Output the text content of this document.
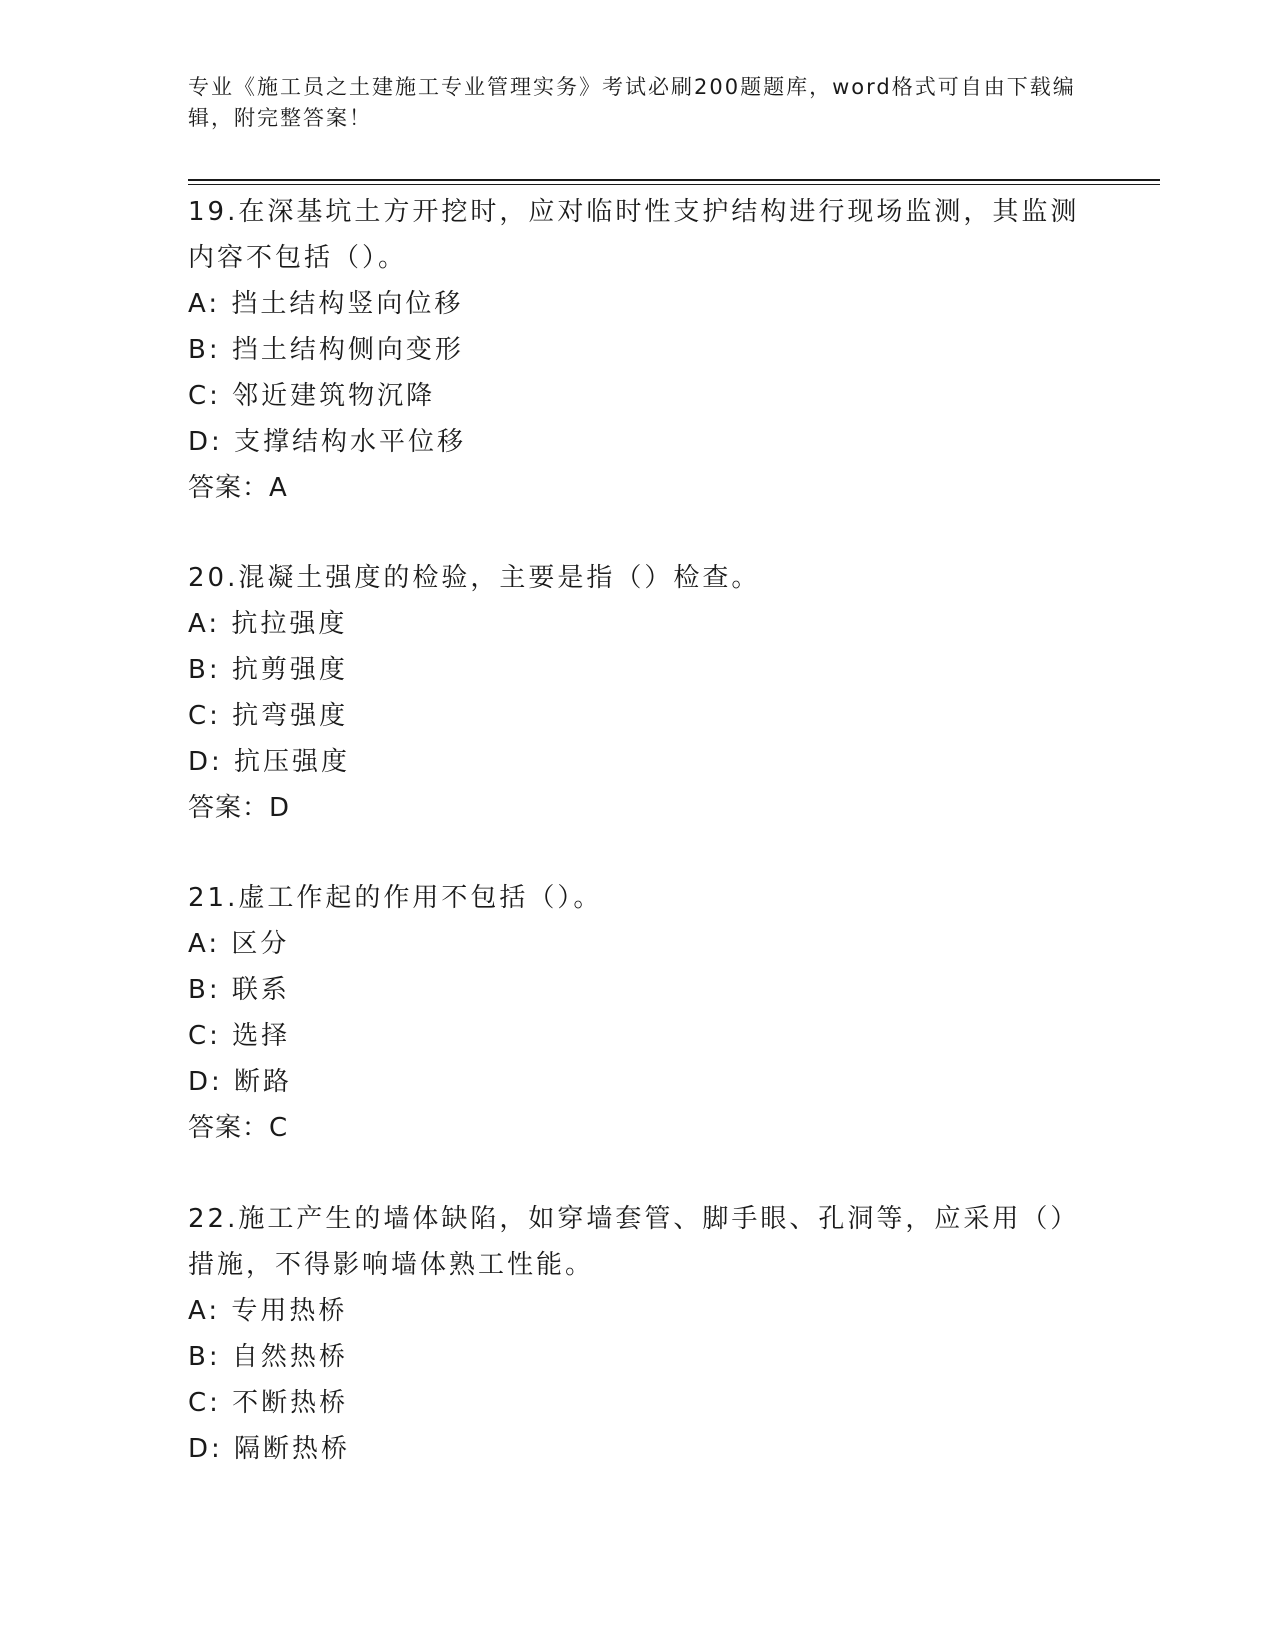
专业《施工员之土建施工专业管理实务》考试必刷200题题库，word格式可自由下载编辑，附完整答案！
19.在深基坑土方开挖时，应对临时性支护结构进行现场监测，其监测内容不包括（）。
A: 挡土结构竖向位移
B: 挡土结构侧向变形
C: 邻近建筑物沉降
D: 支撑结构水平位移
答案：A
20.混凝土强度的检验，主要是指（）检查。
A: 抗拉强度
B: 抗剪强度
C: 抗弯强度
D: 抗压强度
答案：D
21.虚工作起的作用不包括（）。
A: 区分
B: 联系
C: 选择
D: 断路
答案：C
22.施工产生的墙体缺陷，如穿墙套管、脚手眼、孔洞等，应采用（）措施，不得影响墙体熟工性能。
A: 专用热桥
B: 自然热桥
C: 不断热桥
D: 隔断热桥
